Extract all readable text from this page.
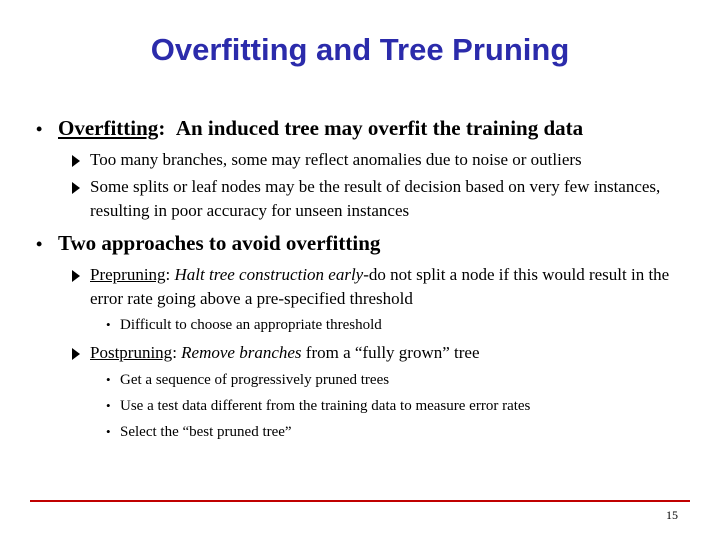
Overfitting and Tree Pruning
• Overfitting: An induced tree may overfit the training data
Too many branches, some may reflect anomalies due to noise or outliers
Some splits or leaf nodes may be the result of decision based on very few instances, resulting in poor accuracy for unseen instances
• Two approaches to avoid overfitting
Prepruning: Halt tree construction early-do not split a node if this would result in the error rate going above a pre-specified threshold
• Difficult to choose an appropriate threshold
Postpruning: Remove branches from a “fully grown” tree
• Get a sequence of progressively pruned trees
• Use a test data different from the training data to measure error rates
• Select the “best pruned tree”
15
